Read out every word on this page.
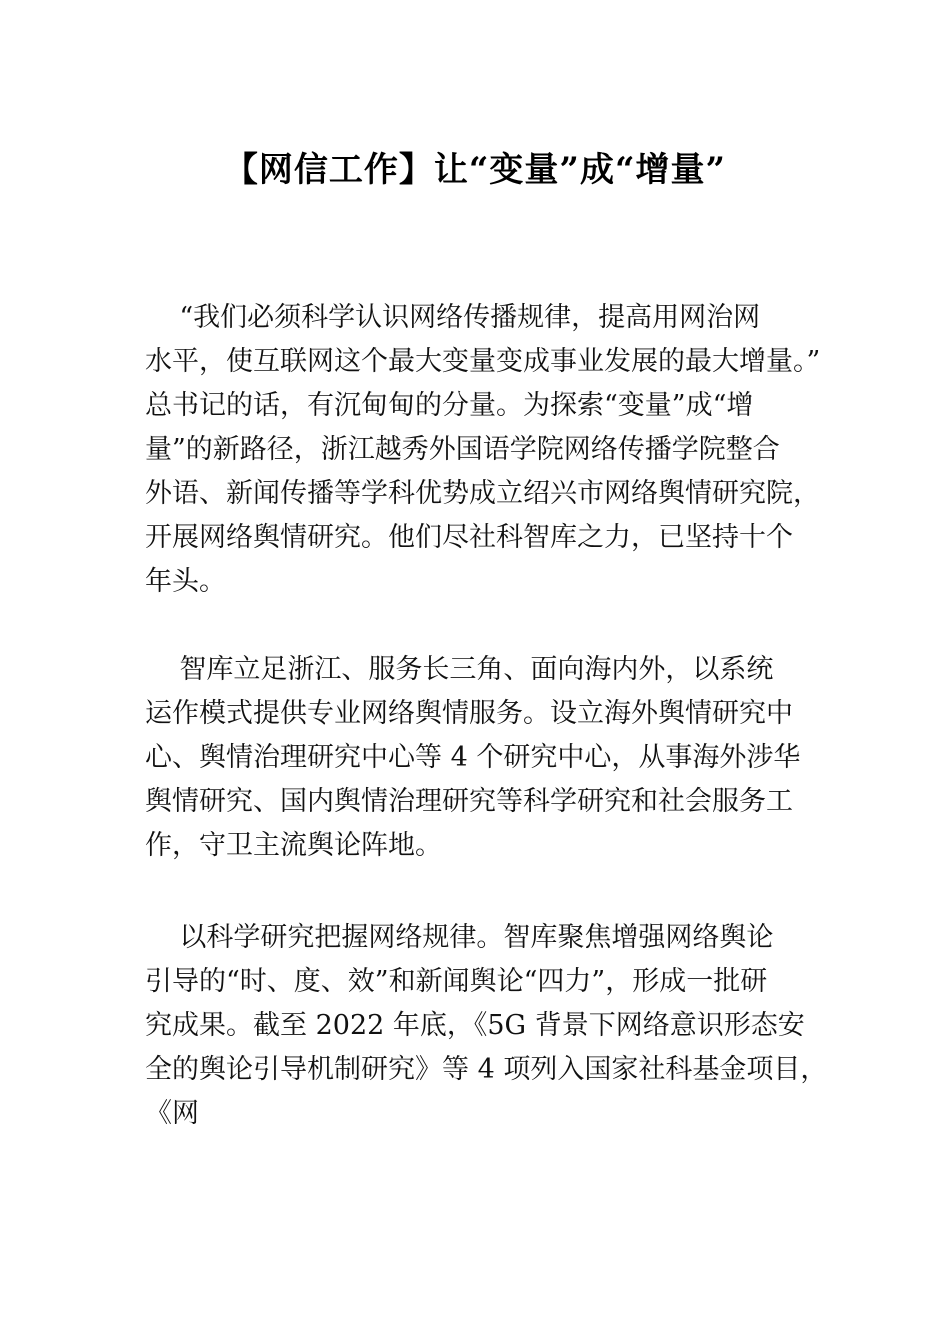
【网信工作】让“变量”成“增量”
“我们必须科学认识网络传播规律，提高用网治网
水平，使互联网这个最大变量变成事业发展的最大增量。”
总书记的话，有沉甸甸的分量。为探索“变量”成“增
量”的新路径，浙江越秀外国语学院网络传播学院整合
外语、新闻传播等学科优势成立绍兴市网络舆情研究院，
开展网络舆情研究。他们尽社科智库之力，已坚持十个
年头。
智库立足浙江、服务长三角、面向海内外，以系统
运作模式提供专业网络舆情服务。设立海外舆情研究中
心、舆情治理研究中心等 4 个研究中心，从事海外涉华
舆情研究、国内舆情治理研究等科学研究和社会服务工
作，守卫主流舆论阵地。
以科学研究把握网络规律。智库聚焦增强网络舆论
引导的“时、度、效”和新闻舆论“四力”，形成一批研
究成果。截至 2022 年底，《5G 背景下网络意识形态安
全的舆论引导机制研究》等 4 项列入国家社科基金项目，
《网
